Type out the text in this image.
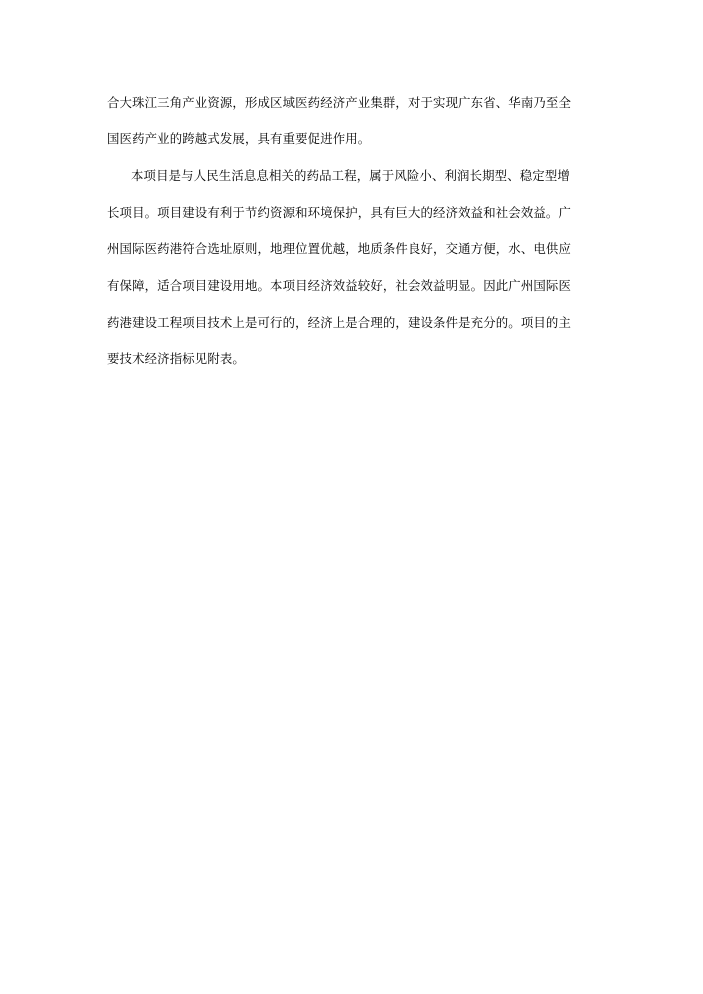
合大珠江三角产业资源，形成区域医药经济产业集群，对于实现广东省、华南乃至全
国医药产业的跨越式发展，具有重要促进作用。
本项目是与人民生活息息相关的药品工程，属于风险小、利润长期型、稳定型增
长项目。项目建设有利于节约资源和环境保护，具有巨大的经济效益和社会效益。广
州国际医药港符合选址原则，地理位置优越，地质条件良好，交通方便，水、电供应
有保障，适合项目建设用地。本项目经济效益较好，社会效益明显。因此广州国际医
药港建设工程项目技术上是可行的，经济上是合理的，建设条件是充分的。项目的主
要技术经济指标见附表。
